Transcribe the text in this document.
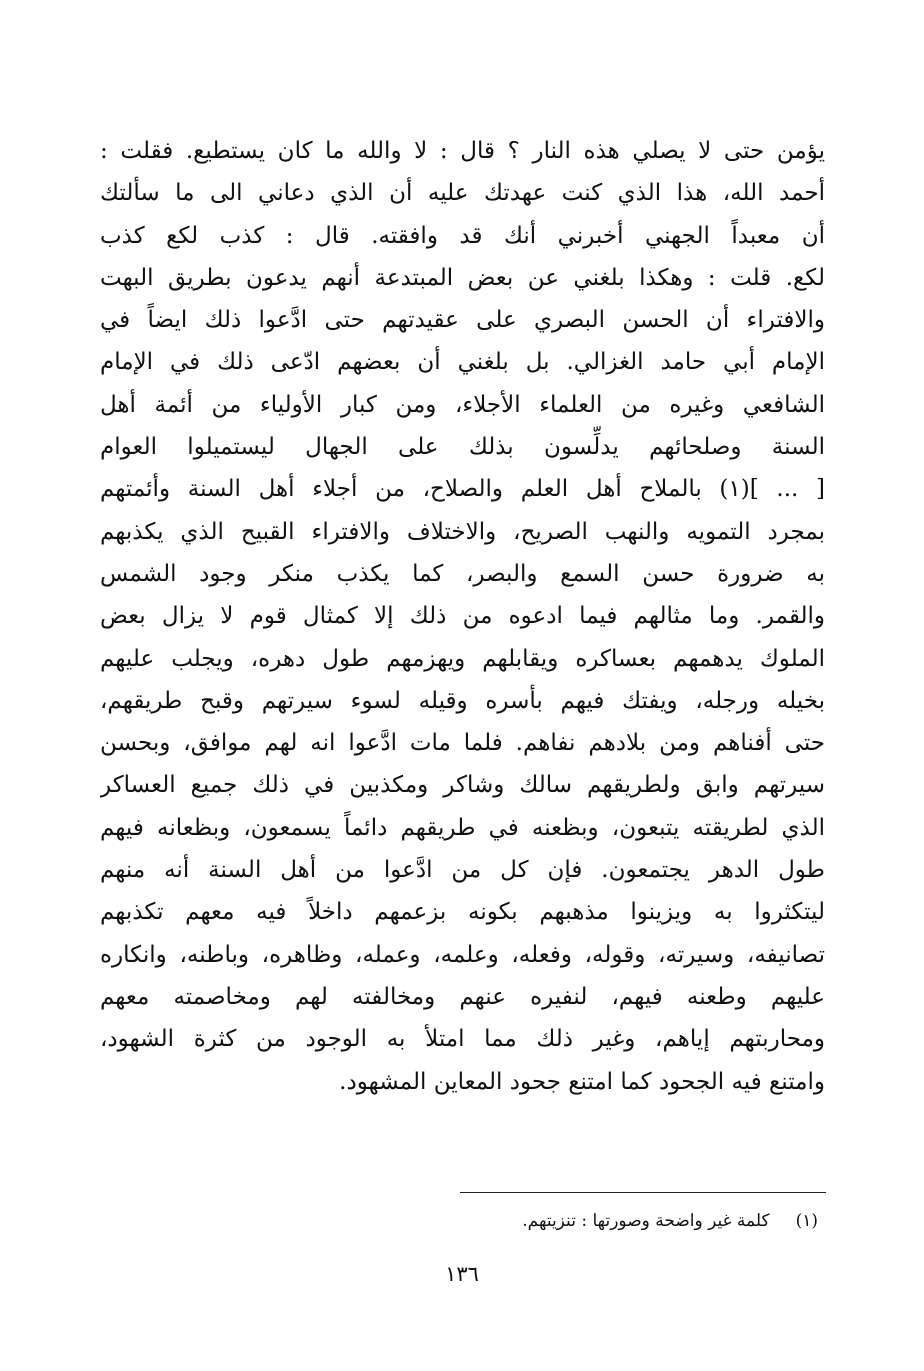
يؤمن حتى لا يصلي هذه النار ؟ قال : لا والله ما كان يستطيع. فقلت :
أحمد الله، هذا الذي كنت عهدتك عليه أن الذي دعاني الى ما سألتك
أن معبداً الجهني أخبرني أنك قد وافقته. قال : كذب لكع كذب
لكع. قلت : وهكذا بلغني عن بعض المبتدعة أنهم يدعون بطريق البهت
والافتراء أن الحسن البصري على عقيدتهم حتى ادَّعوا ذلك ايضاً في
الإمام أبي حامد الغزالي. بل بلغني أن بعضهم ادّعى ذلك في الإمام
الشافعي وغيره من العلماء الأجلاء، ومن كبار الأولياء من أئمة أهل
السنة وصلحائهم يدلِّسون بذلك على الجهال ليستميلوا العوام
[ ... ](١) بالملاح أهل العلم والصلاح، من أجلاء أهل السنة وأئمتهم
بمجرد التمويه والنهب الصريح، والاختلاف والافتراء القبيح الذي يكذبهم
به ضرورة حسن السمع والبصر، كما يكذب منكر وجود الشمس
والقمر. وما مثالهم فيما ادعوه من ذلك إلا كمثال قوم لا يزال بعض
الملوك يدهمهم بعساكره ويقابلهم ويهزمهم طول دهره، ويجلب عليهم
بخيله ورجله، ويفتك فيهم بأسره وقيله لسوء سيرتهم وقبح طريقهم،
حتى أفناهم ومن بلادهم نفاهم. فلما مات ادَّعوا انه لهم موافق، وبحسن
سيرتهم وابق ولطريقهم سالك وشاكر ومكذبين في ذلك جميع العساكر
الذي لطريقته يتبعون، وبظعنه في طريقهم دائماً يسمعون، وبظعانه فيهم
طول الدهر يجتمعون. فإن كل من ادَّعوا من أهل السنة أنه منهم
ليتكثروا به ويزينوا مذهبهم بكونه بزعمهم داخلاً فيه معهم تكذبهم
تصانيفه، وسيرته، وقوله، وفعله، وعلمه، وعمله، وظاهره، وباطنه، وانكاره
عليهم وطعنه فيهم، لنفيره عنهم ومخالفته لهم ومخاصمته معهم
ومحاربتهم إياهم، وغير ذلك مما امتلأ به الوجود من كثرة الشهود،
وامتنع فيه الجحود كما امتنع جحود المعاين المشهود.
(١)كلمة غير واضحة وصورتها : تنزيتهم.
١٣٦
